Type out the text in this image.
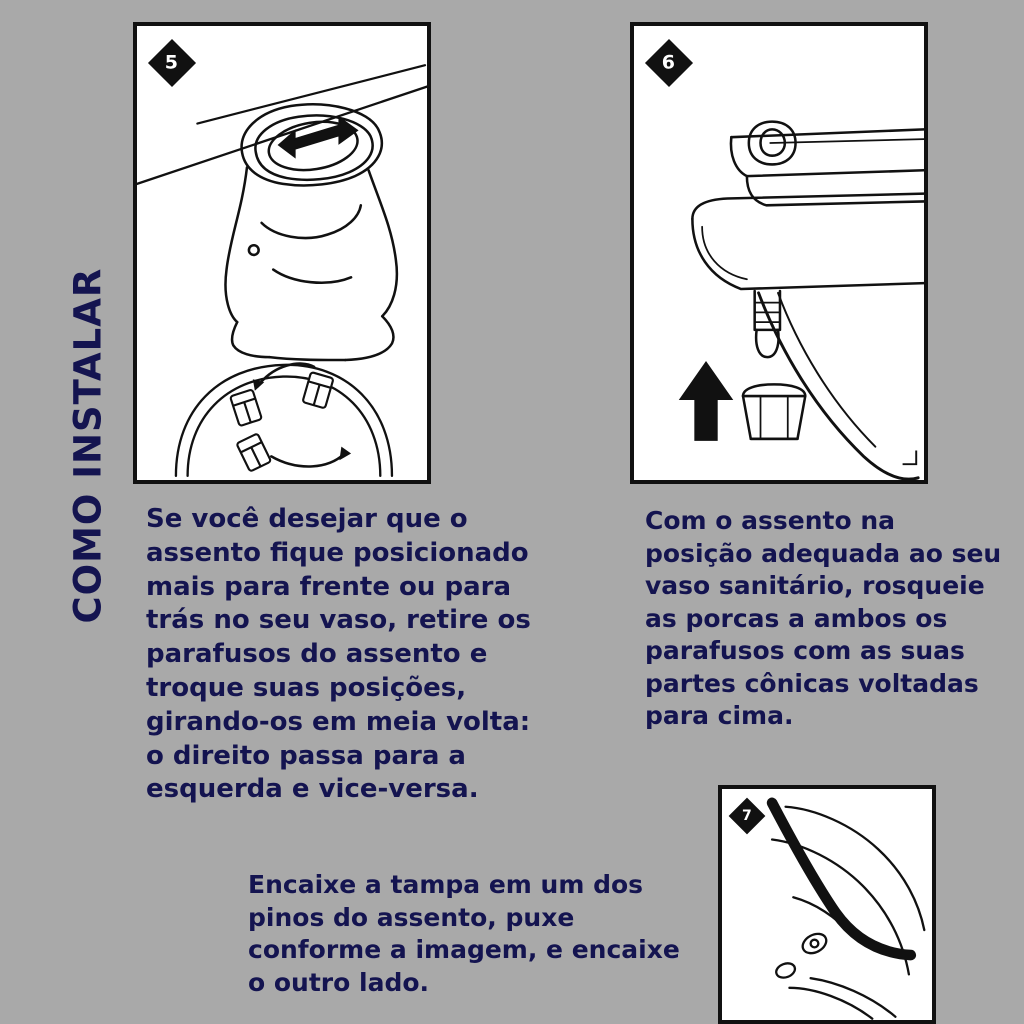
COMO INSTALAR
5	6
7
Se você desejar que o assento fique posicionado mais para frente ou para trás no seu vaso, retire os parafusos do assento e troque suas posições, girando-os em meia volta: o direito passa para a esquerda e vice-versa.
Com o assento na posição adequada ao seu vaso sanitário, rosqueie as porcas a ambos os parafusos com as suas partes cônicas voltadas para cima.
Encaixe a tampa em um dos pinos do assento, puxe conforme a imagem, e encaixe o outro lado.
